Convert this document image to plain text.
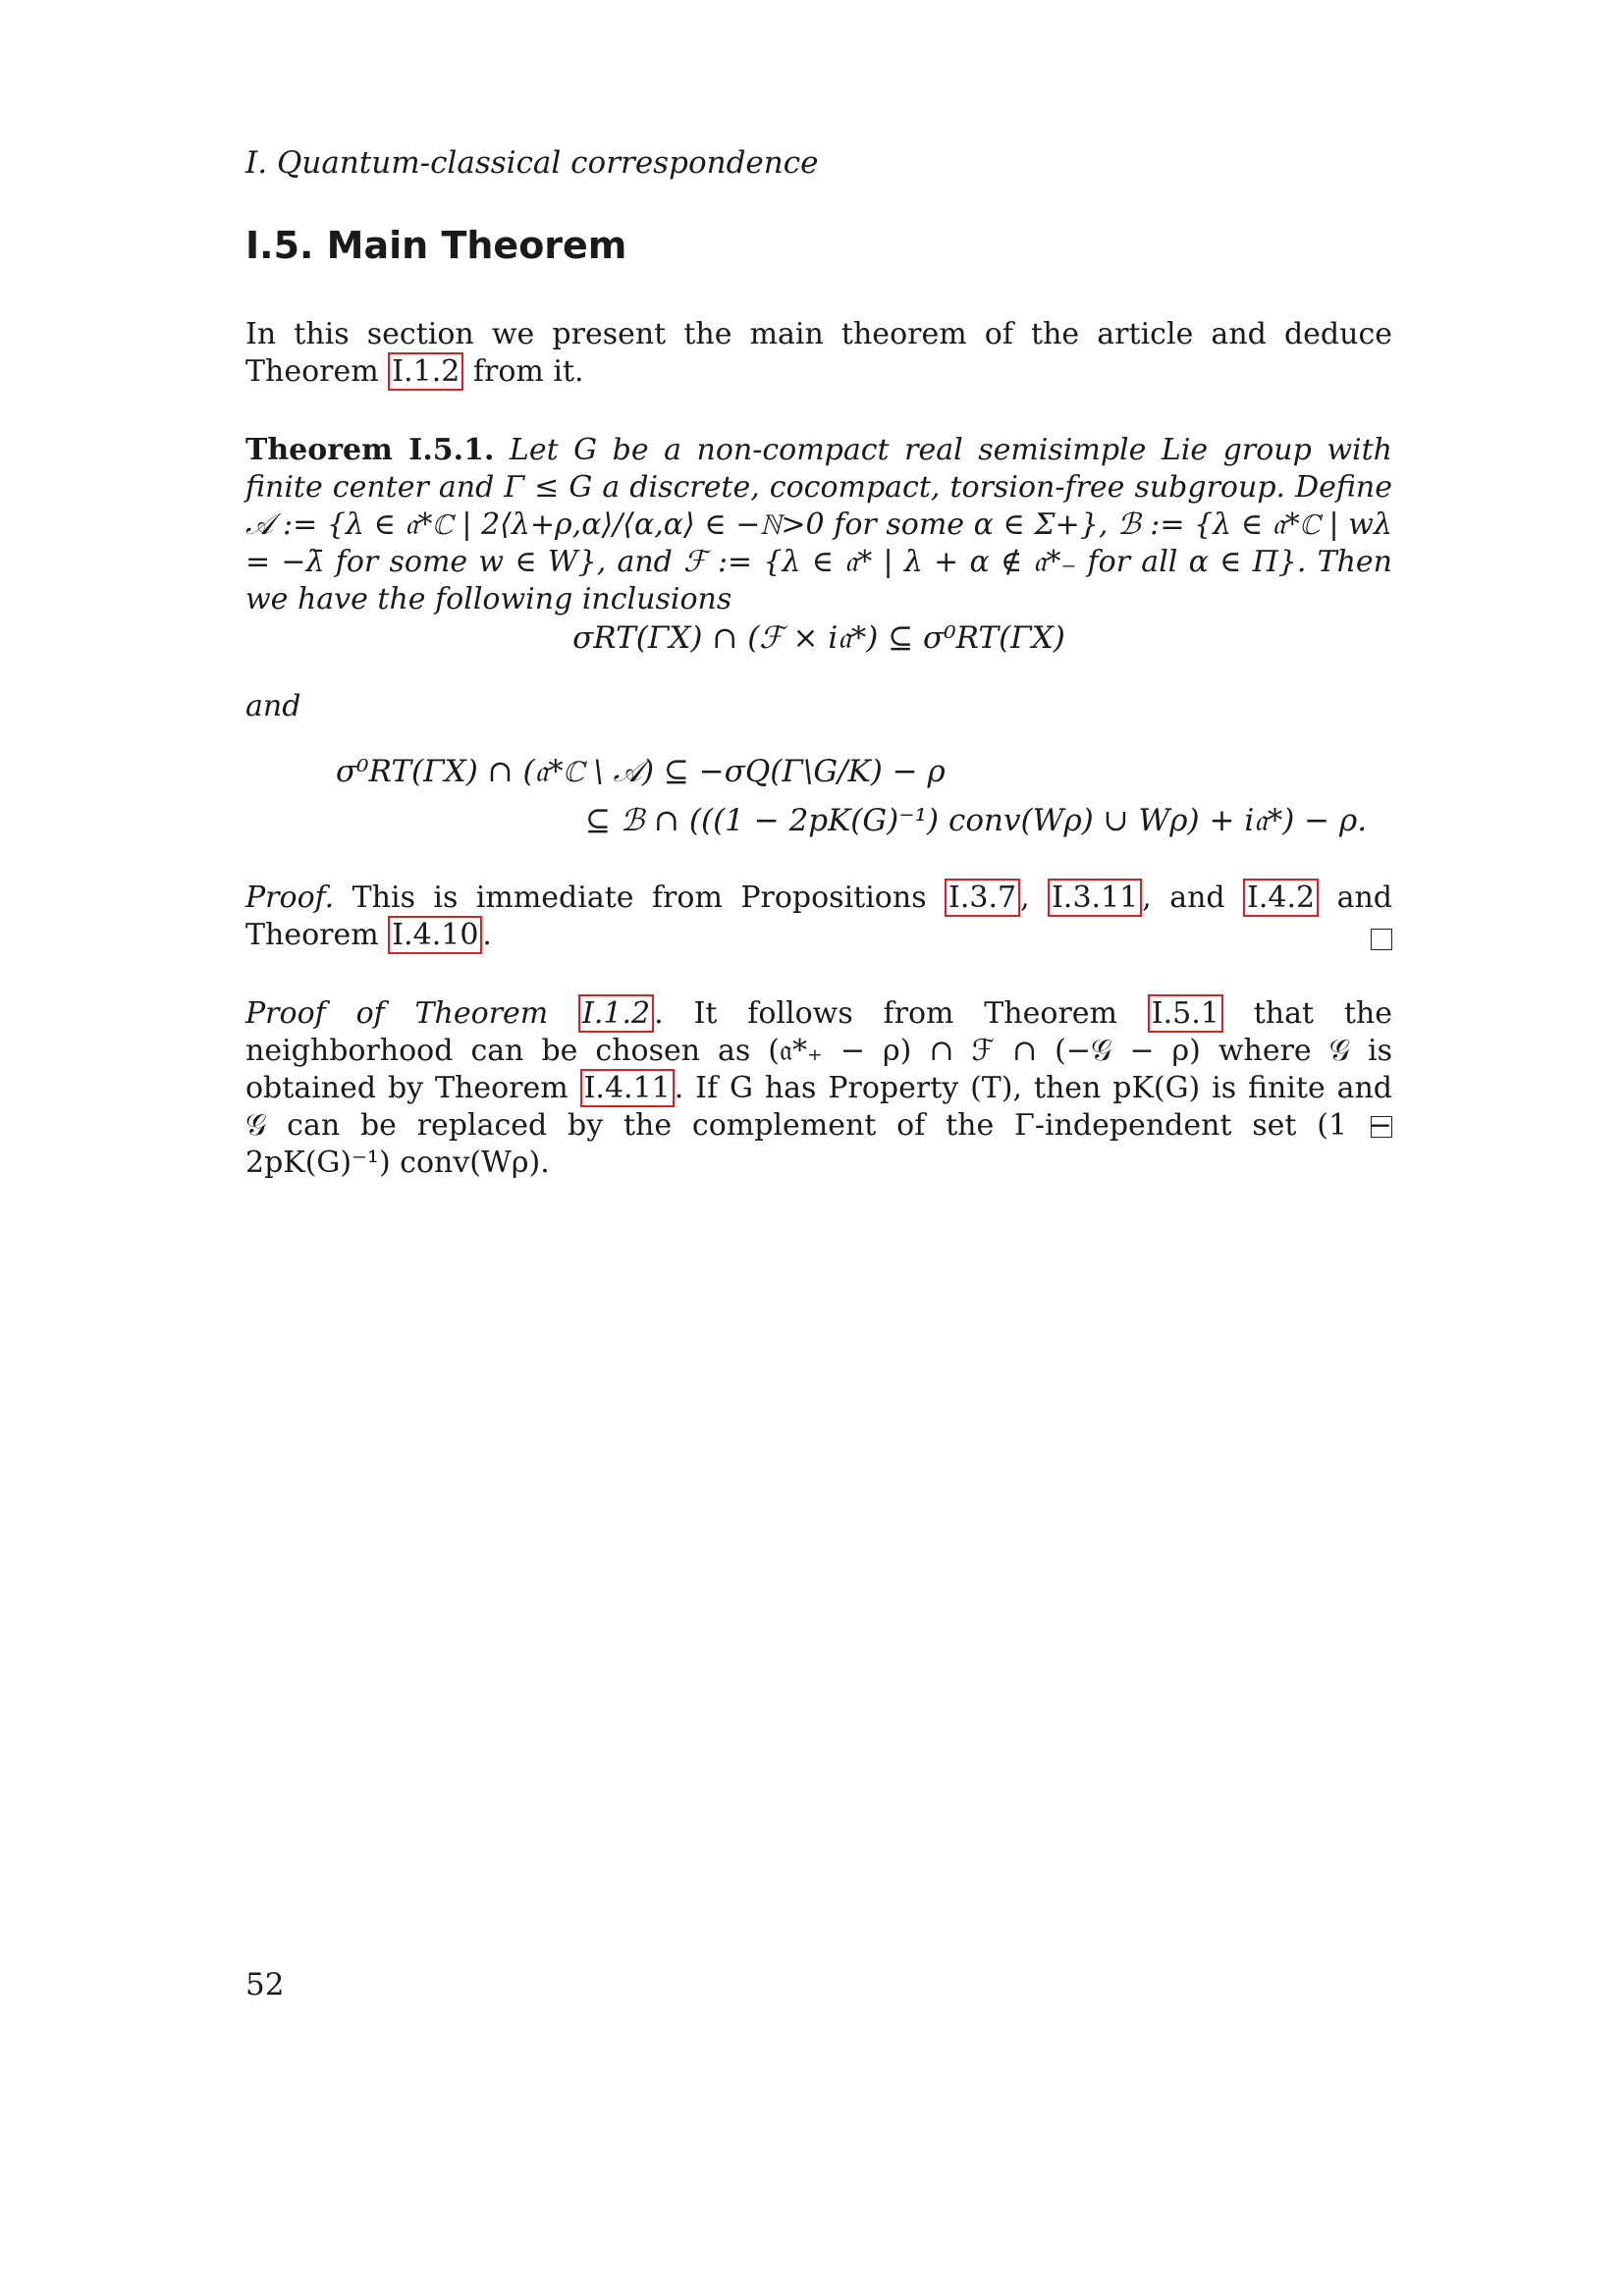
I. Quantum-classical correspondence
I.5. Main Theorem
In this section we present the main theorem of the article and deduce Theorem I.1.2 from it.
Theorem I.5.1. Let G be a non-compact real semisimple Lie group with finite center and Γ ≤ G a discrete, cocompact, torsion-free subgroup. Define 𝒜 := {λ ∈ 𝔞*ℂ | 2⟨λ+ρ,α⟩/⟨α,α⟩ ∈ −ℕ>0 for some α ∈ Σ+}, ℬ := {λ ∈ 𝔞*ℂ | wλ = −λ̄ for some w ∈ W}, and ℱ := {λ ∈ 𝔞* | λ + α ∉ 𝔞*₋ for all α ∈ Π}. Then we have the following inclusions
σRT(ΓX) ∩ (ℱ × i𝔞*) ⊆ σ⁰RT(ΓX)
and
σ⁰RT(ΓX) ∩ (𝔞*ℂ \ 𝒜) ⊆ −σQ(Γ\G/K) − ρ
⊆ ℬ ∩ (((1 − 2pK(G)⁻¹) conv(Wρ) ∪ Wρ) + i𝔞*) − ρ.
Proof. This is immediate from Propositions I.3.7 , I.3.11 , and I.4.2 and Theorem I.4.10 .
Proof of Theorem I.1.2 . It follows from Theorem I.5.1 that the neighborhood can be chosen as (𝔞*₊ − ρ) ∩ ℱ ∩ (−𝒢 − ρ) where 𝒢 is obtained by Theorem I.4.11 . If G has Property (T), then pK(G) is finite and 𝒢 can be replaced by the complement of the Γ-independent set (1 − 2pK(G)⁻¹) conv(Wρ).
52
